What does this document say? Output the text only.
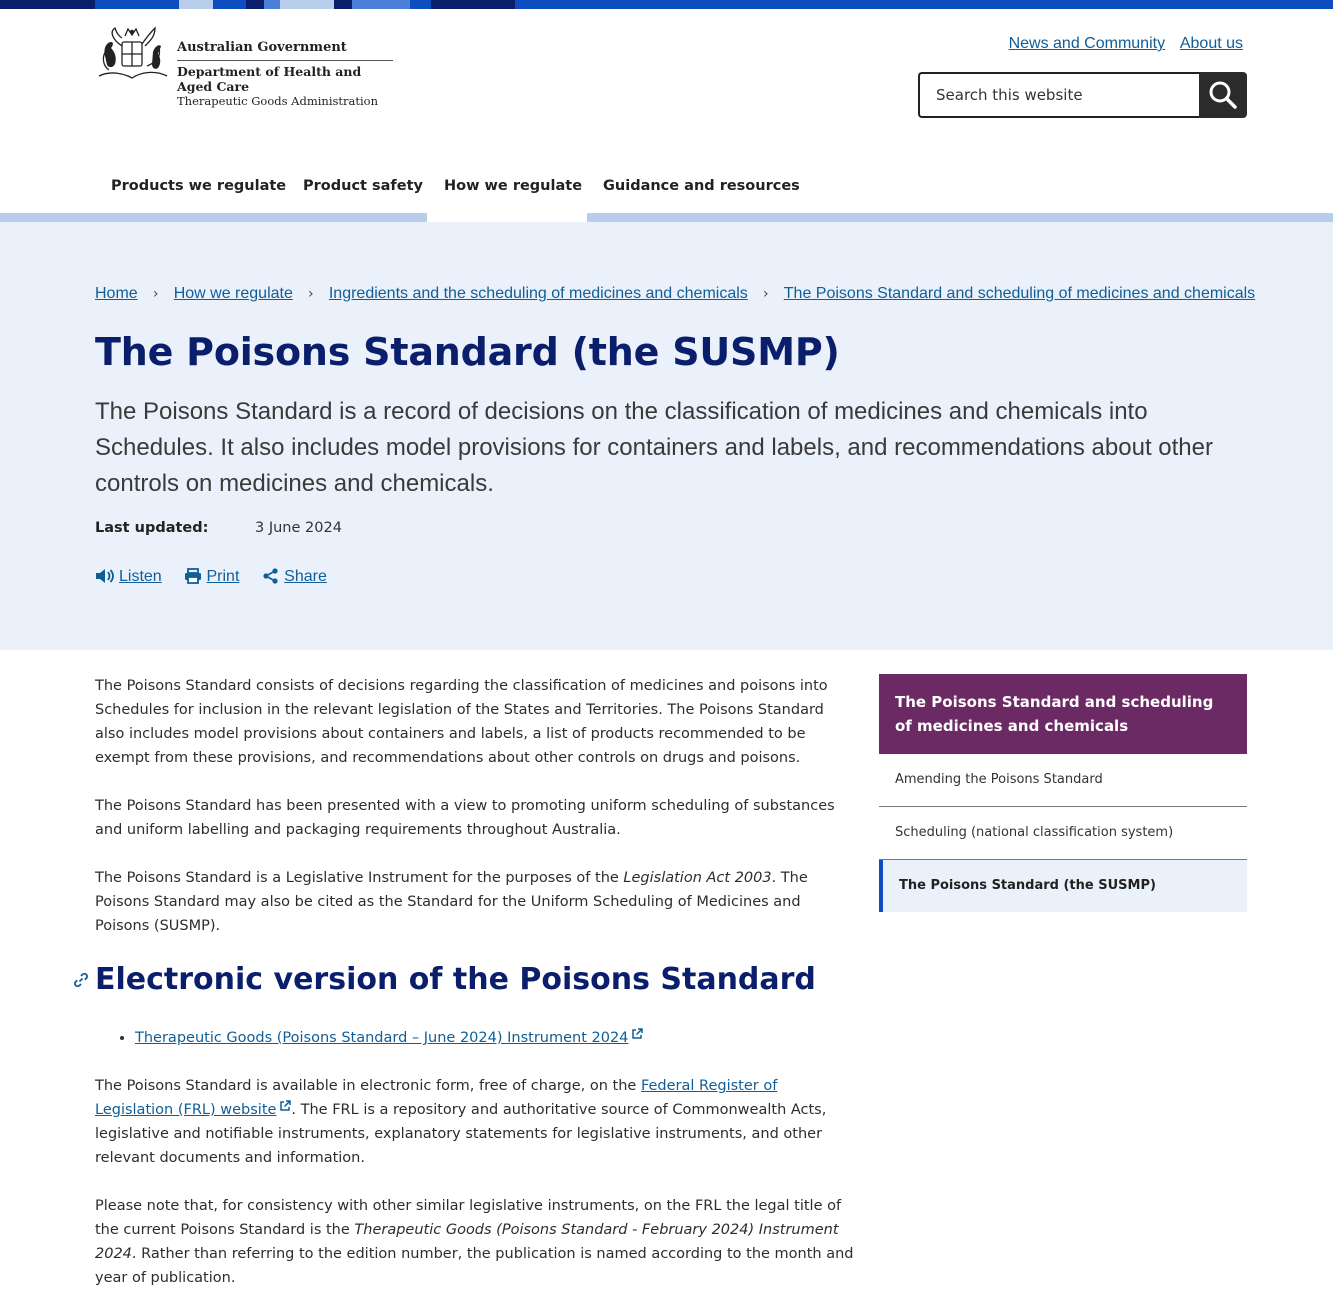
Australian Government
Department of Health and Aged Care
Therapeutic Goods Administration
News and Community About us
Search this website
Products we regulate Product safety How we regulate Guidance and resources
Home › How we regulate › Ingredients and the scheduling of medicines and chemicals › The Poisons Standard and scheduling of medicines and chemicals
The Poisons Standard (the SUSMP)

The Poisons Standard is a record of decisions on the classification of medicines and chemicals into Schedules. It also includes model provisions for containers and labels, and recommendations about other controls on medicines and chemicals.

Last updated:	3 June 2024
Listen	Print	Share

The Poisons Standard consists of decisions regarding the classification of medicines and poisons into Schedules for inclusion in the relevant legislation of the States and Territories. The Poisons Standard also includes model provisions about containers and labels, a list of products recommended to be exempt from these provisions, and recommendations about other controls on drugs and poisons.

The Poisons Standard has been presented with a view to promoting uniform scheduling of substances and uniform labelling and packaging requirements throughout Australia.

The Poisons Standard is a Legislative Instrument for the purposes of the Legislation Act 2003. The Poisons Standard may also be cited as the Standard for the Uniform Scheduling of Medicines and Poisons (SUSMP).

Electronic version of the Poisons Standard
• Therapeutic Goods (Poisons Standard – June 2024) Instrument 2024

The Poisons Standard is available in electronic form, free of charge, on the Federal Register of Legislation (FRL) website . The FRL is a repository and authoritative source of Commonwealth Acts, legislative and notifiable instruments, explanatory statements for legislative instruments, and other relevant documents and information.

Please note that, for consistency with other similar legislative instruments, on the FRL the legal title of the current Poisons Standard is the Therapeutic Goods (Poisons Standard - February 2024) Instrument 2024. Rather than referring to the edition number, the publication is named according to the month and year of publication.

The Poisons Standard and scheduling of medicines and chemicals
Amending the Poisons Standard
Scheduling (national classification system)
The Poisons Standard (the SUSMP)
